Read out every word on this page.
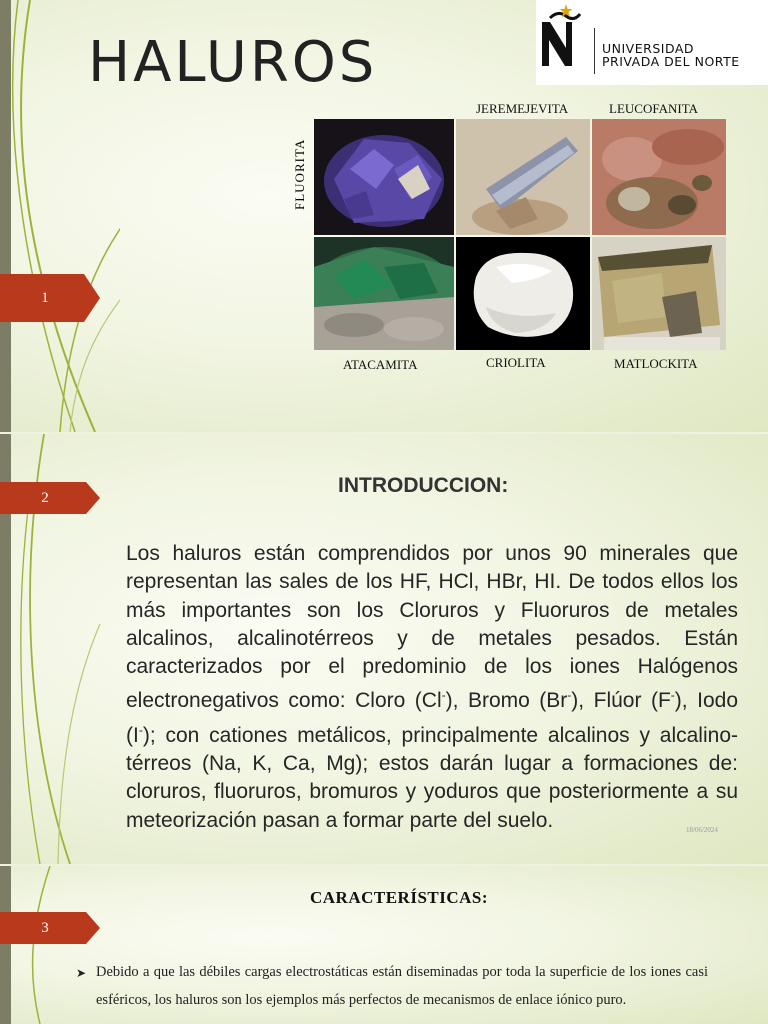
1
HALUROS	UNIVERSIDAD
PRIVADA DEL NORTE
FLUORITA
JEREMEJEVITA	LEUCOFANITA
ATACAMITA	CRIOLITA	MATLOCKITA
2
INTRODUCCION:
Los haluros están comprendidos por unos 90 minerales que representan las sales de los HF, HCl, HBr, HI. De todos ellos los más importantes son los Cloruros y Fluoruros de metales alcalinos, alcalinotérreos y de metales pesados. Están caracterizados por el predominio de los iones Halógenos electronegativos como: Cloro (Cl-), Bromo (Br-), Flúor (F-), Iodo (I-); con cationes metálicos, principalmente alcalinos y alcalino-térreos (Na, K, Ca, Mg); estos darán lugar a formaciones de: cloruros, fluoruros, bromuros y yoduros que posteriormente a su meteorización pasan a formar parte del suelo.	18/06/2024
3
CARACTERÍSTICAS:
➤ Debido a que las débiles cargas electrostáticas están diseminadas por toda la superficie de los iones casi esféricos, los haluros son los ejemplos más perfectos de mecanismos de enlace iónico puro.
